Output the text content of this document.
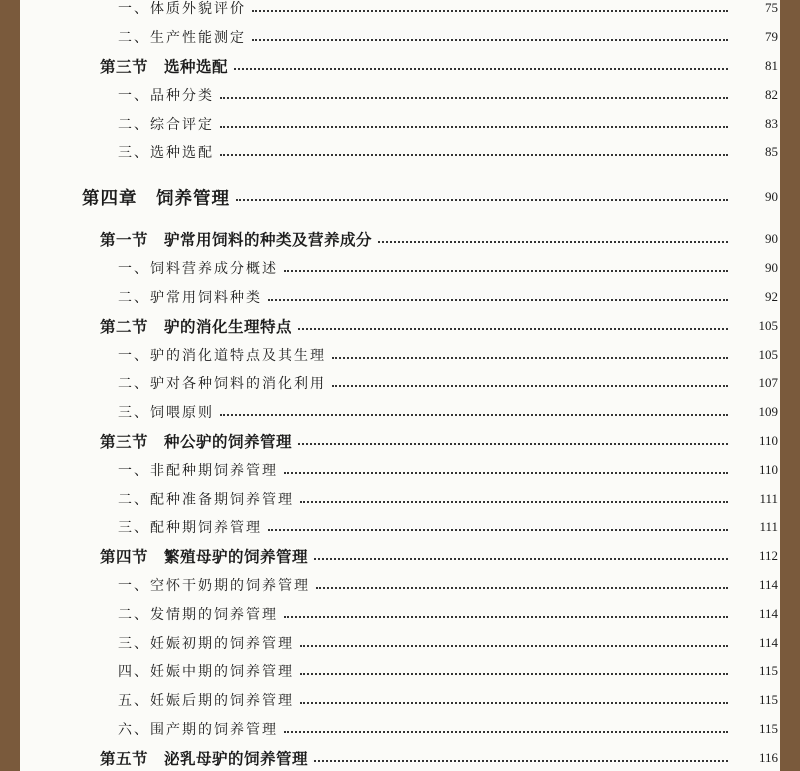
一、体质外貌评价	75
二、生产性能测定	79
第三节　选种选配	81
一、品种分类	82
二、综合评定	83
三、选种选配	85
第四章　饲养管理	90
第一节　驴常用饲料的种类及营养成分	90
一、饲料营养成分概述	90
二、驴常用饲料种类	92
第二节　驴的消化生理特点	105
一、驴的消化道特点及其生理	105
二、驴对各种饲料的消化利用	107
三、饲喂原则	109
第三节　种公驴的饲养管理	110
一、非配种期饲养管理	110
二、配种准备期饲养管理	111
三、配种期饲养管理	111
第四节　繁殖母驴的饲养管理	112
一、空怀干奶期的饲养管理	114
二、发情期的饲养管理	114
三、妊娠初期的饲养管理	114
四、妊娠中期的饲养管理	115
五、妊娠后期的饲养管理	115
六、围产期的饲养管理	115
第五节　泌乳母驴的饲养管理	116
